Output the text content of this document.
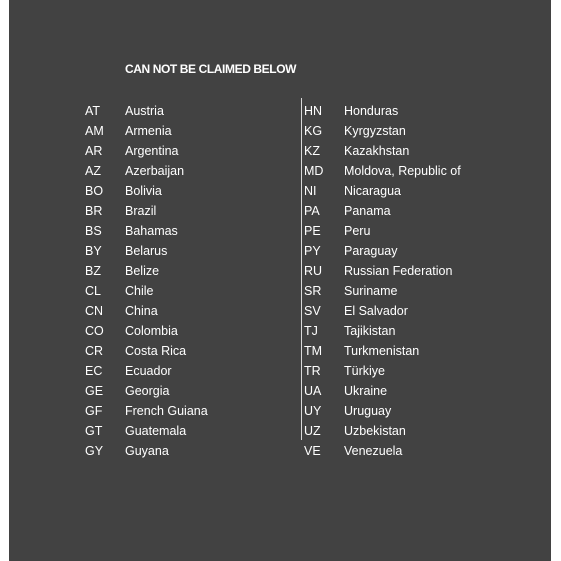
CAN NOT BE CLAIMED BELOW
AT Austria
AM Armenia
AR Argentina
AZ Azerbaijan
BO Bolivia
BR Brazil
BS Bahamas
BY Belarus
BZ Belize
CL Chile
CN China
CO Colombia
CR Costa Rica
EC Ecuador
GE Georgia
GF French Guiana
GT Guatemala
GY Guyana
HN Honduras
KG Kyrgyzstan
KZ Kazakhstan
MD Moldova, Republic of
NI Nicaragua
PA Panama
PE Peru
PY Paraguay
RU Russian Federation
SR Suriname
SV El Salvador
TJ Tajikistan
TM Turkmenistan
TR Türkiye
UA Ukraine
UY Uruguay
UZ Uzbekistan
VE Venezuela
